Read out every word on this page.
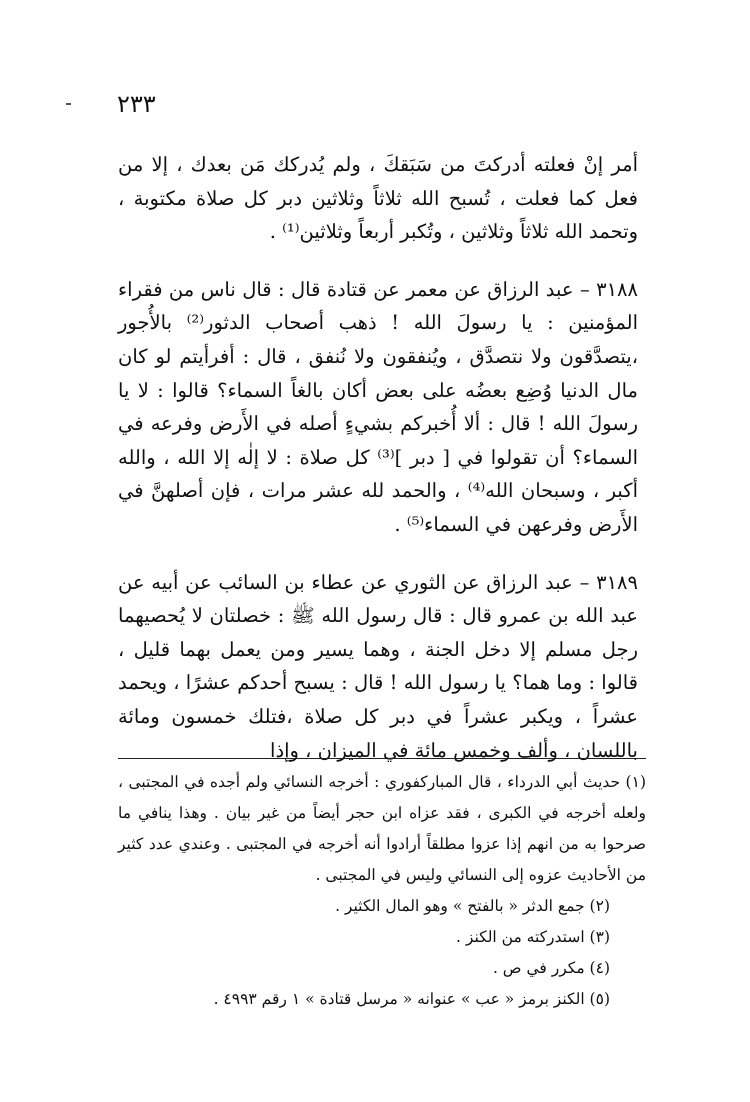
٢٣٣

أمر إنْ فعلته أدركتَ من سَبَقكَ ، ولم يُدركك مَن بعدك ، إلا من فعل كما فعلت ، تُسبح الله ثلاثاً وثلاثين دبر كل صلاة مكتوبة ، وتحمد الله ثلاثاً وثلاثين ، وتُكبر أربعاً وثلاثين⁽¹⁾ .

٣١٨٨ – عبد الرزاق عن معمر عن قتادة قال : قال ناس من فقراء المؤمنين : يا رسولَ الله ! ذهب أصحاب الدثور⁽²⁾ بالأُجور ،يتصدَّقون ولا نتصدَّق ، ويُنفقون ولا نُنفق ، قال : أفرأيتم لو كان مال الدنيا وُضِع بعضُه على بعض أكان بالغاً السماء؟ قالوا : لا يا رسولَ الله ! قال : ألا أُخبركم بشيءٍ أصله في الأَرض وفرعه في السماء؟ أن تقولوا في [ دبر ]⁽³⁾ كل صلاة : لا إلٰه إلا الله ، والله أكبر ، وسبحان الله⁽⁴⁾ ، والحمد لله عشر مرات ، فإن أصلهنَّ في الأَرض وفرعهن في السماء⁽⁵⁾ .

٣١٨٩ – عبد الرزاق عن الثوري عن عطاء بن السائب عن أبيه عن عبد الله بن عمرو قال : قال رسول الله ﷺ : خصلتان لا يُحصيهما رجل مسلم إلا دخل الجنة ، وهما يسير ومن يعمل بهما قليل ، قالوا : وما هما؟ يا رسول الله ! قال : يسبح أحدكم عشرًا ، ويحمد عشراً ، ويكبر عشراً في دبر كل صلاة ،فتلك خمسون ومائة باللسان ، وألف وخمس مائة في الميزان ، وإذا

(١) حديث أبي الدرداء ، قال المباركفوري : أخرجه النسائي ولم أجده في المجتبى ، ولعله أخرجه في الكبرى ، فقد عزاه ابن حجر أيضاً من غير بيان . وهذا ينافي ما صرحوا به من انهم إذا عزوا مطلقاً أرادوا أنه أخرجه في المجتبى . وعندي عدد كثير من الأحاديث عزوه إلى النسائي وليس في المجتبى .

(٢) جمع الدثر « بالفتح » وهو المال الكثير .

(٣) استدركته من الكنز .

(٤) مكرر في ص .

(٥) الكنز برمز « عب » عنوانه « مرسل قتادة » ١ رقم ٤٩٩٣ .
